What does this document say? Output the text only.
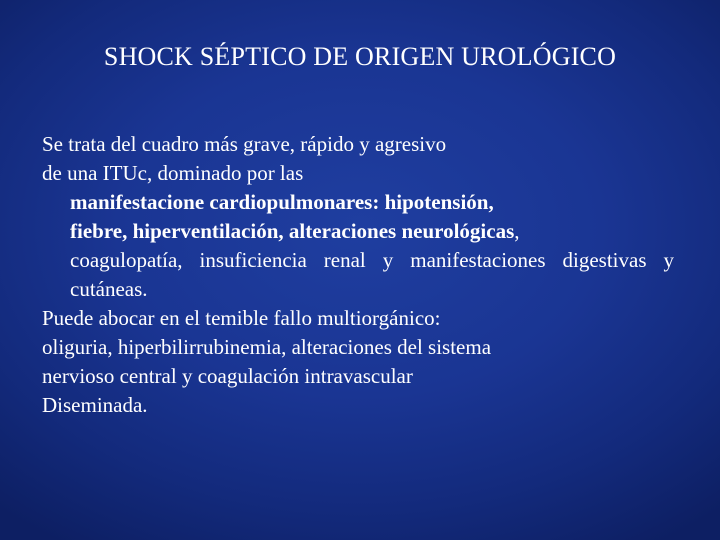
SHOCK SÉPTICO DE ORIGEN UROLÓGICO

Se trata del cuadro más grave, rápido y agresivo
de una ITUc, dominado por las
manifestacione cardiopulmonares: hipotensión,
fiebre, hiperventilación, alteraciones neurológicas,
coagulopatía, insuficiencia renal y manifestaciones digestivas y cutáneas.

Puede abocar en el temible fallo multiorgánico:
oliguria, hiperbilirrubinemia, alteraciones del sistema
nervioso central y coagulación intravascular
Diseminada.
